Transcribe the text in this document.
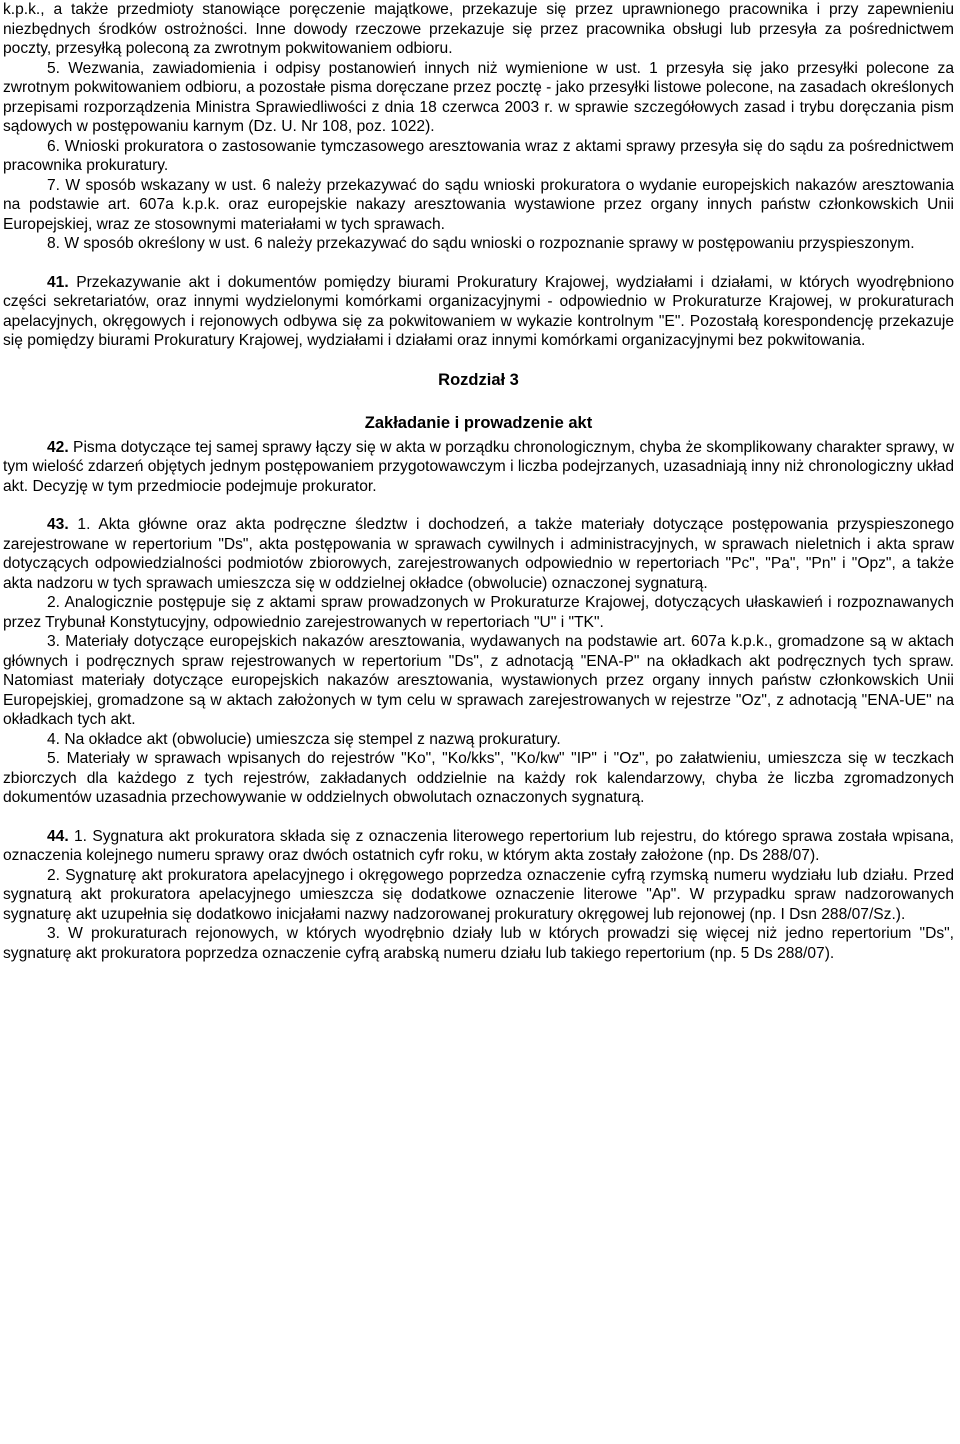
k.p.k., a także przedmioty stanowiące poręczenie majątkowe, przekazuje się przez uprawnionego pracownika i przy zapewnieniu niezbędnych środków ostrożności. Inne dowody rzeczowe przekazuje się przez pracownika obsługi lub przesyła za pośrednictwem poczty, przesyłką poleconą za zwrotnym pokwitowaniem odbioru.

5. Wezwania, zawiadomienia i odpisy postanowień innych niż wymienione w ust. 1 przesyła się jako przesyłki polecone za zwrotnym pokwitowaniem odbioru, a pozostałe pisma doręczane przez pocztę - jako przesyłki listowe polecone, na zasadach określonych przepisami rozporządzenia Ministra Sprawiedliwości z dnia 18 czerwca 2003 r. w sprawie szczegółowych zasad i trybu doręczania pism sądowych w postępowaniu karnym (Dz. U. Nr 108, poz. 1022).

6. Wnioski prokuratora o zastosowanie tymczasowego aresztowania wraz z aktami sprawy przesyła się do sądu za pośrednictwem pracownika prokuratury.

7. W sposób wskazany w ust. 6 należy przekazywać do sądu wnioski prokuratora o wydanie europejskich nakazów aresztowania na podstawie art. 607a k.p.k. oraz europejskie nakazy aresztowania wystawione przez organy innych państw członkowskich Unii Europejskiej, wraz ze stosownymi materiałami w tych sprawach.

8. W sposób określony w ust. 6 należy przekazywać do sądu wnioski o rozpoznanie sprawy w postępowaniu przyspieszonym.

41. Przekazywanie akt i dokumentów pomiędzy biurami Prokuratury Krajowej, wydziałami i działami, w których wyodrębniono części sekretariatów, oraz innymi wydzielonymi komórkami organizacyjnymi - odpowiednio w Prokuraturze Krajowej, w prokuraturach apelacyjnych, okręgowych i rejonowych odbywa się za pokwitowaniem w wykazie kontrolnym "E". Pozostałą korespondencję przekazuje się pomiędzy biurami Prokuratury Krajowej, wydziałami i działami oraz innymi komórkami organizacyjnymi bez pokwitowania.

Rozdział 3

Zakładanie i prowadzenie akt

42. Pisma dotyczące tej samej sprawy łączy się w akta w porządku chronologicznym, chyba że skomplikowany charakter sprawy, w tym wielość zdarzeń objętych jednym postępowaniem przygotowawczym i liczba podejrzanych, uzasadniają inny niż chronologiczny układ akt. Decyzję w tym przedmiocie podejmuje prokurator.

43. 1. Akta główne oraz akta podręczne śledztw i dochodzeń, a także materiały dotyczące postępowania przyspieszonego zarejestrowane w repertorium "Ds", akta postępowania w sprawach cywilnych i administracyjnych, w sprawach nieletnich i akta spraw dotyczących odpowiedzialności podmiotów zbiorowych, zarejestrowanych odpowiednio w repertoriach "Pc", "Pa", "Pn" i "Opz", a także akta nadzoru w tych sprawach umieszcza się w oddzielnej okładce (obwolucie) oznaczonej sygnaturą.

2. Analogicznie postępuje się z aktami spraw prowadzonych w Prokuraturze Krajowej, dotyczących ułaskawień i rozpoznawanych przez Trybunał Konstytucyjny, odpowiednio zarejestrowanych w repertoriach "U" i "TK".

3. Materiały dotyczące europejskich nakazów aresztowania, wydawanych na podstawie art. 607a k.p.k., gromadzone są w aktach głównych i podręcznych spraw rejestrowanych w repertorium "Ds", z adnotacją "ENA-P" na okładkach akt podręcznych tych spraw. Natomiast materiały dotyczące europejskich nakazów aresztowania, wystawionych przez organy innych państw członkowskich Unii Europejskiej, gromadzone są w aktach założonych w tym celu w sprawach zarejestrowanych w rejestrze "Oz", z adnotacją "ENA-UE" na okładkach tych akt.

4. Na okładce akt (obwolucie) umieszcza się stempel z nazwą prokuratury.

5. Materiały w sprawach wpisanych do rejestrów "Ko", "Ko/kks", "Ko/kw" "IP" i "Oz", po załatwieniu, umieszcza się w teczkach zbiorczych dla każdego z tych rejestrów, zakładanych oddzielnie na każdy rok kalendarzowy, chyba że liczba zgromadzonych dokumentów uzasadnia przechowywanie w oddzielnych obwolutach oznaczonych sygnaturą.

44. 1. Sygnatura akt prokuratora składa się z oznaczenia literowego repertorium lub rejestru, do którego sprawa została wpisana, oznaczenia kolejnego numeru sprawy oraz dwóch ostatnich cyfr roku, w którym akta zostały założone (np. Ds 288/07).

2. Sygnaturę akt prokuratora apelacyjnego i okręgowego poprzedza oznaczenie cyfrą rzymską numeru wydziału lub działu. Przed sygnaturą akt prokuratora apelacyjnego umieszcza się dodatkowe oznaczenie literowe "Ap". W przypadku spraw nadzorowanych sygnaturę akt uzupełnia się dodatkowo inicjałami nazwy nadzorowanej prokuratury okręgowej lub rejonowej (np. I Dsn 288/07/Sz.).

3. W prokuraturach rejonowych, w których wyodrębnio działy lub w których prowadzi się więcej niż jedno repertorium "Ds", sygnaturę akt prokuratora poprzedza oznaczenie cyfrą arabską numeru działu lub takiego repertorium (np. 5 Ds 288/07).
